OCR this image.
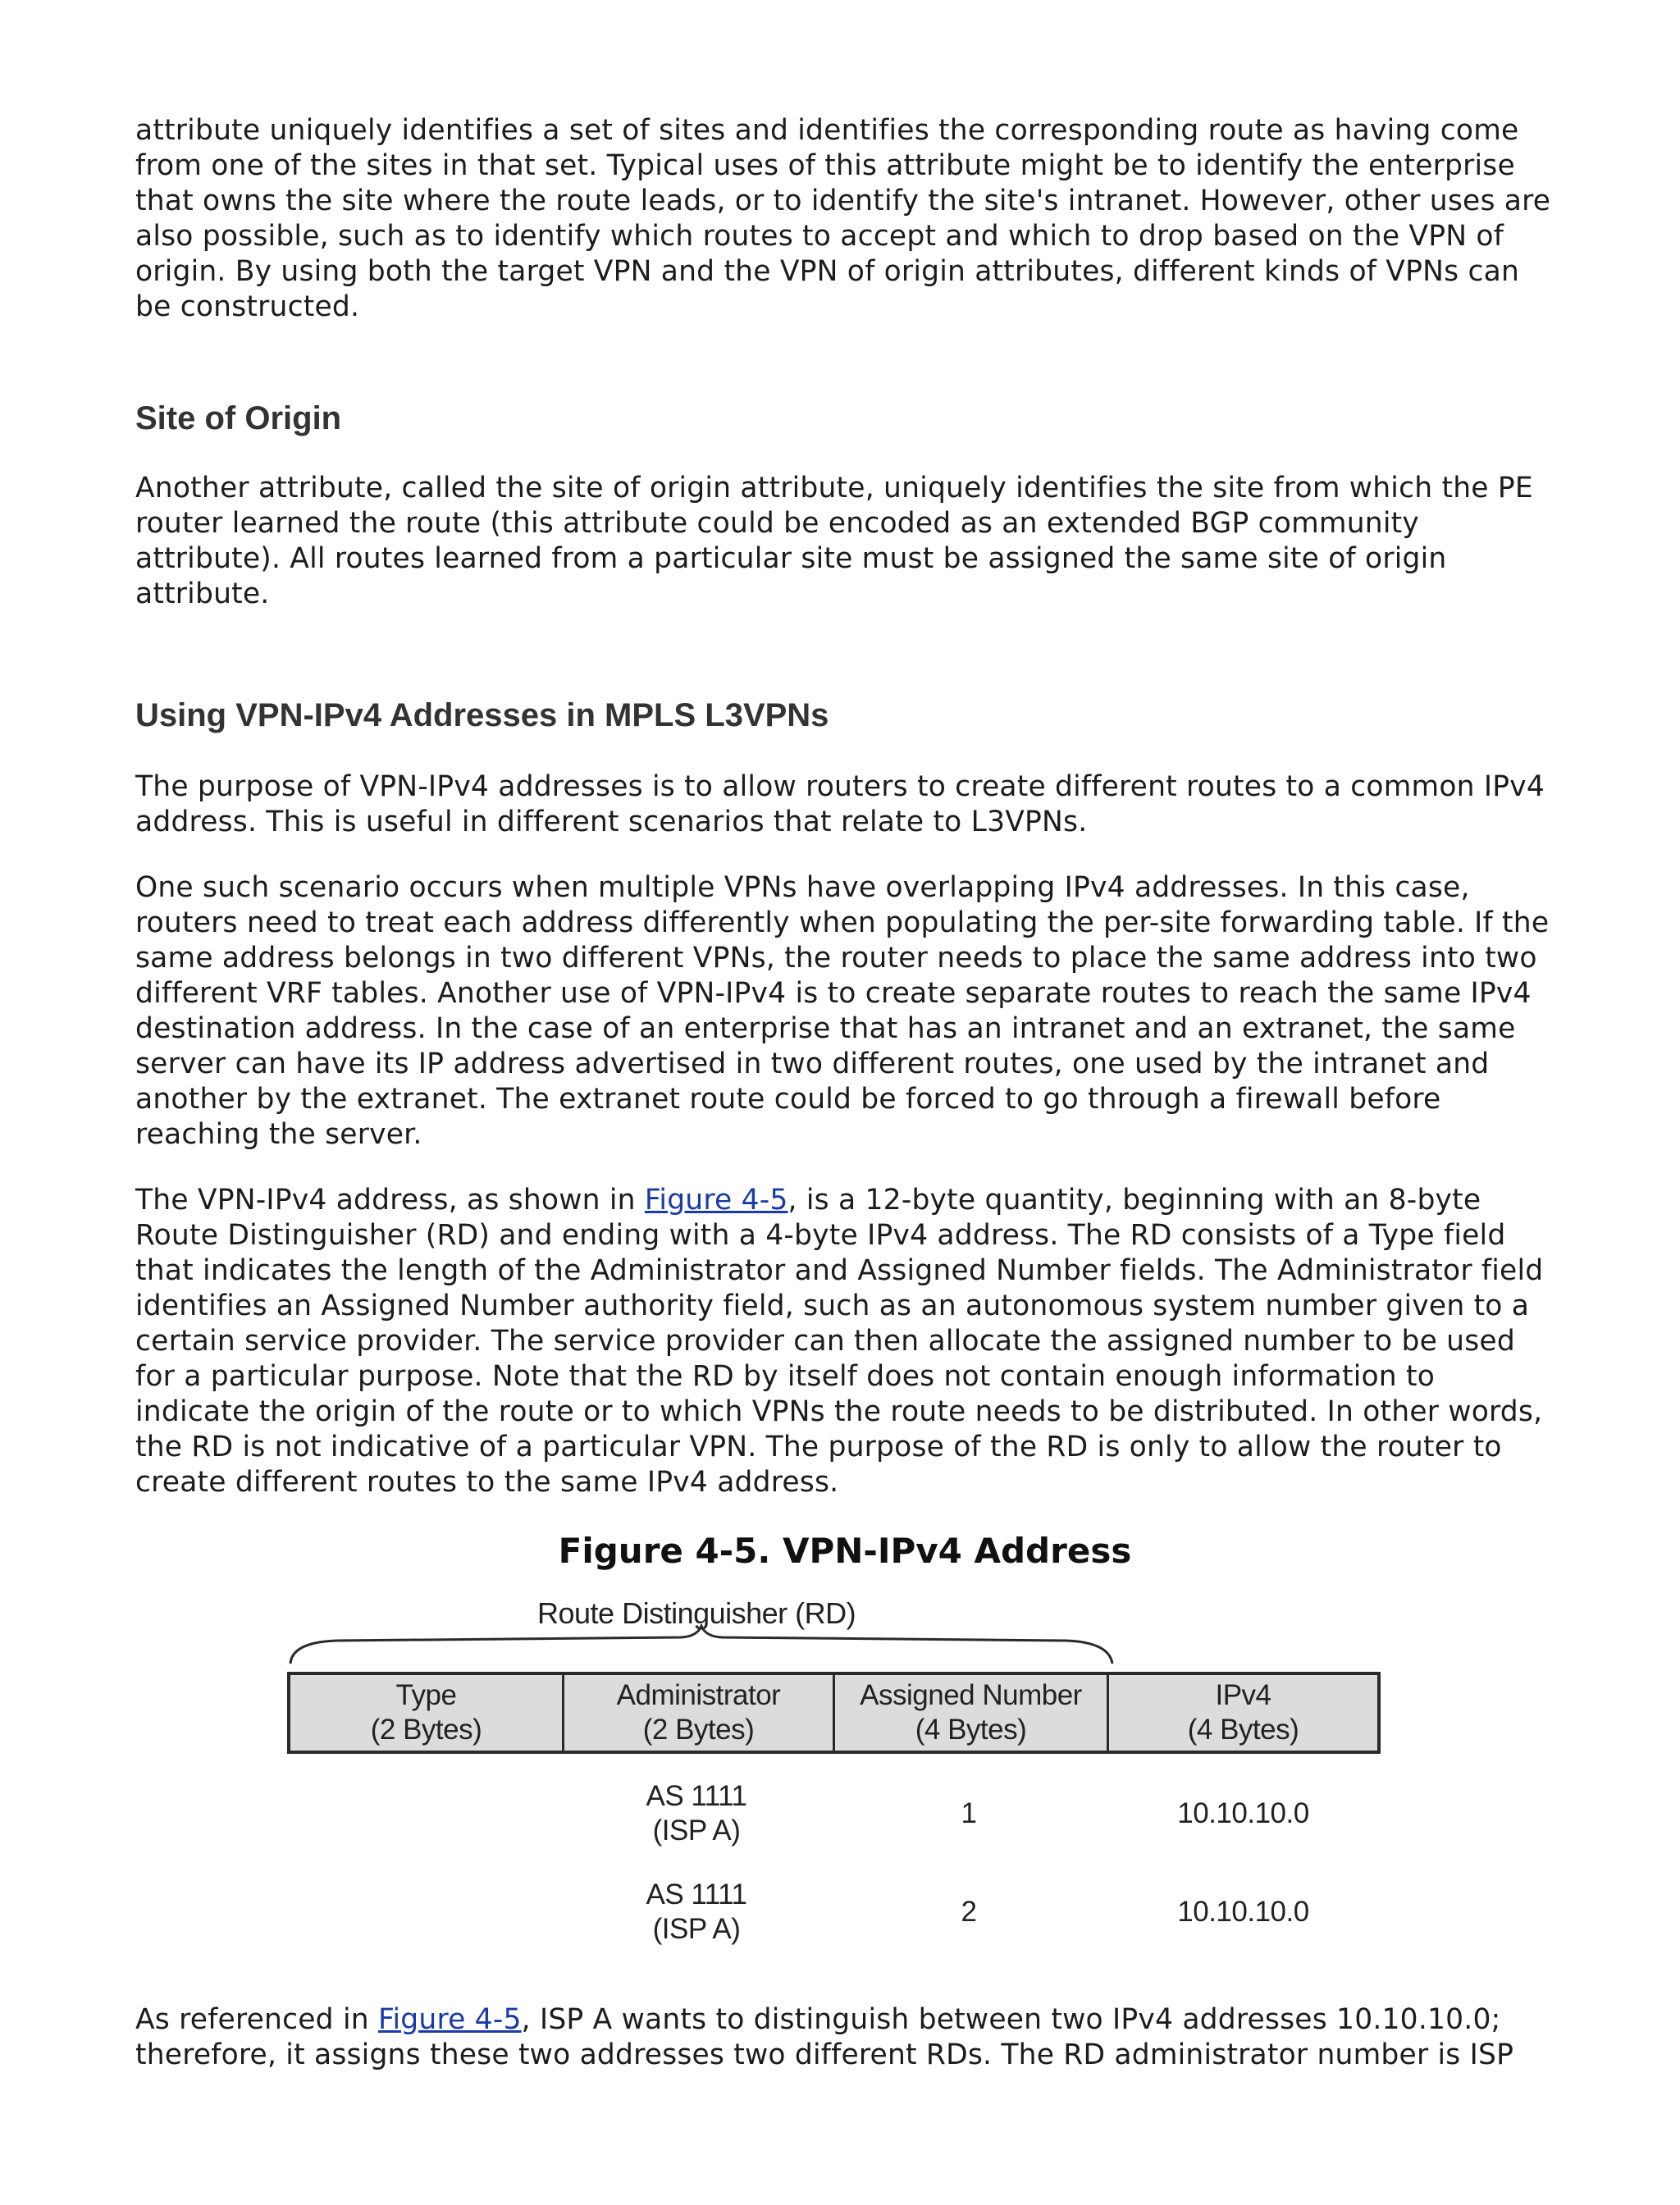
attribute uniquely identifies a set of sites and identifies the corresponding route as having come from one of the sites in that set. Typical uses of this attribute might be to identify the enterprise that owns the site where the route leads, or to identify the site's intranet. However, other uses are also possible, such as to identify which routes to accept and which to drop based on the VPN of origin. By using both the target VPN and the VPN of origin attributes, different kinds of VPNs can be constructed.

Site of Origin

Another attribute, called the site of origin attribute, uniquely identifies the site from which the PE router learned the route (this attribute could be encoded as an extended BGP community attribute). All routes learned from a particular site must be assigned the same site of origin attribute.

Using VPN-IPv4 Addresses in MPLS L3VPNs

The purpose of VPN-IPv4 addresses is to allow routers to create different routes to a common IPv4 address. This is useful in different scenarios that relate to L3VPNs.

One such scenario occurs when multiple VPNs have overlapping IPv4 addresses. In this case, routers need to treat each address differently when populating the per-site forwarding table. If the same address belongs in two different VPNs, the router needs to place the same address into two different VRF tables. Another use of VPN-IPv4 is to create separate routes to reach the same IPv4 destination address. In the case of an enterprise that has an intranet and an extranet, the same server can have its IP address advertised in two different routes, one used by the intranet and another by the extranet. The extranet route could be forced to go through a firewall before reaching the server.

The VPN-IPv4 address, as shown in Figure 4-5, is a 12-byte quantity, beginning with an 8-byte Route Distinguisher (RD) and ending with a 4-byte IPv4 address. The RD consists of a Type field that indicates the length of the Administrator and Assigned Number fields. The Administrator field identifies an Assigned Number authority field, such as an autonomous system number given to a certain service provider. The service provider can then allocate the assigned number to be used for a particular purpose. Note that the RD by itself does not contain enough information to indicate the origin of the route or to which VPNs the route needs to be distributed. In other words, the RD is not indicative of a particular VPN. The purpose of the RD is only to allow the router to create different routes to the same IPv4 address.

Figure 4-5. VPN-IPv4 Address
Route Distinguisher (RD)
Type
(2 Bytes)
Administrator
(2 Bytes)
Assigned Number
(4 Bytes)
IPv4
(4 Bytes)
AS 1111
(ISP A)
1	10.10.10.0
AS 1111
(ISP A)
2	10.10.10.0

As referenced in Figure 4-5, ISP A wants to distinguish between two IPv4 addresses 10.10.10.0; therefore, it assigns these two addresses two different RDs. The RD administrator number is ISP
